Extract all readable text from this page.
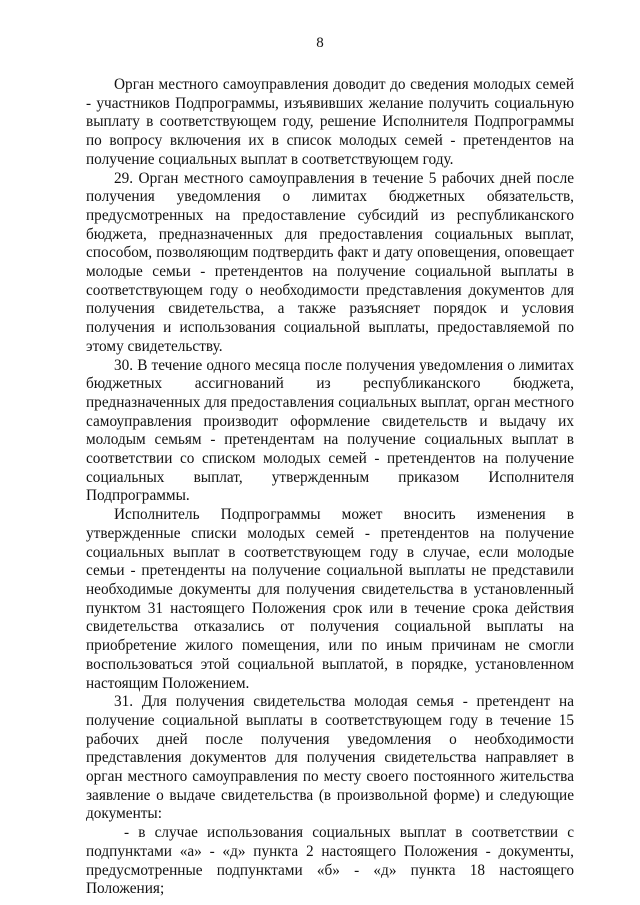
8

Орган местного самоуправления доводит до сведения молодых семей - участников Подпрограммы, изъявивших желание получить социальную выплату в соответствующем году, решение Исполнителя Подпрограммы по вопросу включения их в список молодых семей - претендентов на получение социальных выплат в соответствующем году.

29. Орган местного самоуправления в течение 5 рабочих дней после получения уведомления о лимитах бюджетных обязательств, предусмотренных на предоставление субсидий из республиканского бюджета, предназначенных для предоставления социальных выплат, способом, позволяющим подтвердить факт и дату оповещения, оповещает молодые семьи - претендентов на получение социальной выплаты в соответствующем году о необходимости представления документов для получения свидетельства, а также разъясняет порядок и условия получения и использования социальной выплаты, предоставляемой по этому свидетельству.

30. В течение одного месяца после получения уведомления о лимитах бюджетных ассигнований из республиканского бюджета, предназначенных для предоставления социальных выплат, орган местного самоуправления производит оформление свидетельств и выдачу их молодым семьям - претендентам на получение социальных выплат в соответствии со списком молодых семей - претендентов на получение социальных выплат, утвержденным приказом Исполнителя Подпрограммы.

Исполнитель Подпрограммы может вносить изменения в утвержденные списки молодых семей - претендентов на получение социальных выплат в соответствующем году в случае, если молодые семьи - претенденты на получение социальной выплаты не представили необходимые документы для получения свидетельства в установленный пунктом 31 настоящего Положения срок или в течение срока действия свидетельства отказались от получения социальной выплаты на приобретение жилого помещения, или по иным причинам не смогли воспользоваться этой социальной выплатой, в порядке, установленном настоящим Положением.

31. Для получения свидетельства молодая семья - претендент на получение социальной выплаты в соответствующем году в течение 15 рабочих дней после получения уведомления о необходимости представления документов для получения свидетельства направляет в орган местного самоуправления по месту своего постоянного жительства заявление о выдаче свидетельства (в произвольной форме) и следующие документы:

- в случае использования социальных выплат в соответствии с подпунктами «а» - «д» пункта 2 настоящего Положения - документы, предусмотренные подпунктами «б» - «д» пункта 18 настоящего Положения;
